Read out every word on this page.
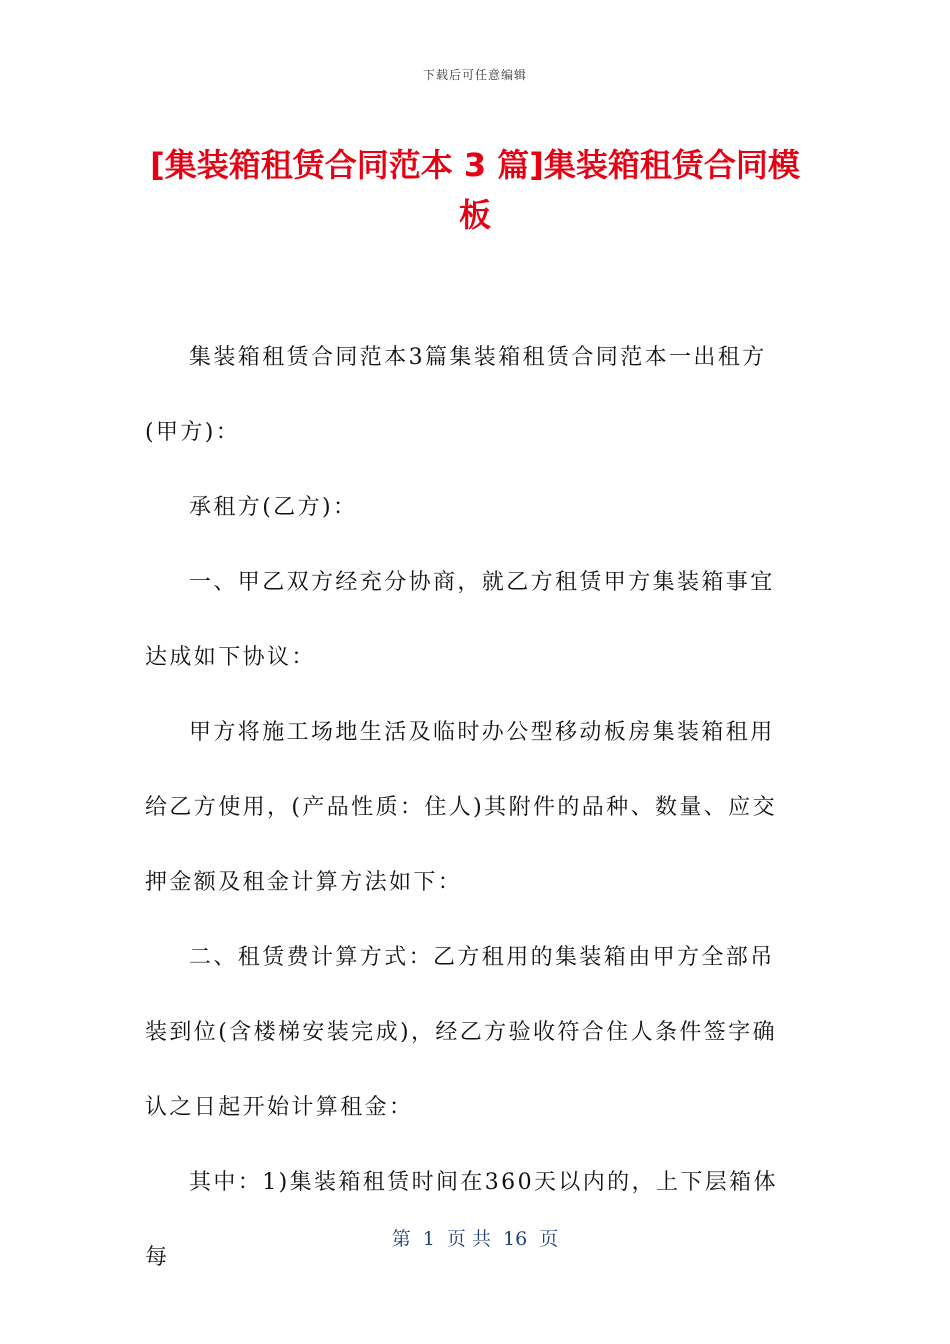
下载后可任意编辑
[集装箱租赁合同范本 3 篇]集装箱租赁合同模板

集装箱租赁合同范本3篇集装箱租赁合同范本一出租方(甲方)：

承租方(乙方)：

一、甲乙双方经充分协商，就乙方租赁甲方集装箱事宜达成如下协议：

甲方将施工场地生活及临时办公型移动板房集装箱租用给乙方使用，(产品性质：住人)其附件的品种、数量、应交押金额及租金计算方法如下：

二、租赁费计算方式：乙方租用的集装箱由甲方全部吊装到位(含楼梯安装完成)，经乙方验收符合住人条件签字确认之日起开始计算租金：

其中：1)集装箱租赁时间在360天以内的，上下层箱体每

第  1  页 共  16  页
